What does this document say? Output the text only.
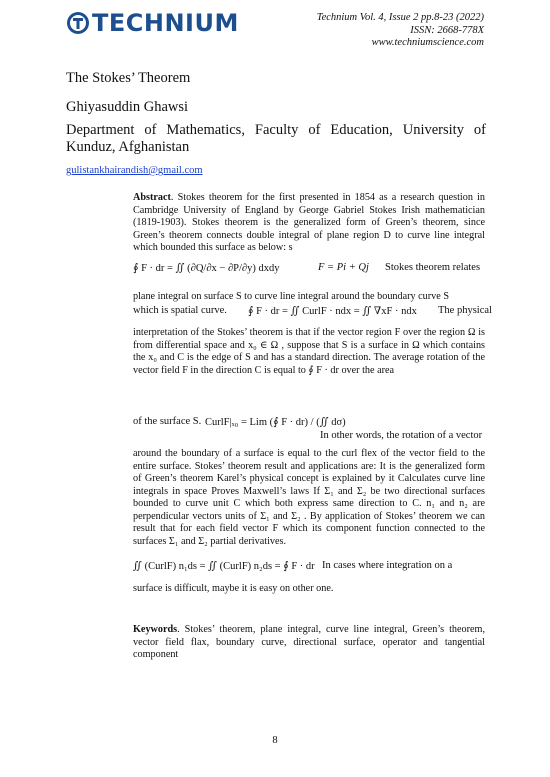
TECHNIUM	Technium Vol. 4, Issue 2 pp.8-23 (2022)
ISSN: 2668-778X
www.techniumscience.com
The Stokes’ Theorem
Ghiyasuddin Ghawsi
Department of Mathematics, Faculty of Education, University of Kunduz, Afghanistan
gulistankhairandish@gmail.com
Abstract. Stokes theorem for the first presented in 1854 as a research question in Cambridge University of England by George Gabriel Stokes Irish mathematician (1819-1903). Stokes theorem is the generalized form of Green’s theorem, since Green’s theorem connects double integral of plane region D to curve line integral which bounded this surface as below: s
∮ F · dr = ∬ (∂Q/∂x − ∂P/∂y) dxdy	F = Pi + Qj Stokes theorem relates
plane integral on surface S to curve line integral around the boundary curve S
which is spatial curve. ∮ F · dr = ∬ CurlF · ndx = ∬ ∇xF · ndx The physical
interpretation of the Stokes’ theorem is that if the vector region F over the region Ω is from differential space and x₀ ∈ Ω , suppose that S is a surface in Ω which contains the x₀ and C is the edge of S and has a standard direction. The average rotation of the vector field F in the direction C is equal to ∮ F · dr over the area
of the surface S. CurlF|ₓ₀ = Lim (∮ F · dr) / (∬ dσ)
In other words, the rotation of a vector
around the boundary of a surface is equal to the curl flex of the vector field to the entire surface. Stokes’ theorem result and applications are: It is the generalized form of Green’s theorem Karel’s physical concept is explained by it Calculates curve line integrals in space Proves Maxwell’s laws If Σ₁ and Σ₂ be two directional surfaces bounded to curve unit C which both express same direction to C. n₁ and n₂ are perpendicular vectors units of Σ₁ and Σ₂ . By application of Stokes’ theorem we can result that for each field vector F which its component function connected to the surfaces Σ₁ and Σ₂ partial derivatives.
∬ (CurlF) n₁ds = ∬ (CurlF) n₂ds = ∮ F · dr In cases where integration on a
surface is difficult, maybe it is easy on other one.
Keywords. Stokes’ theorem, plane integral, curve line integral, Green’s theorem, vector field flax, boundary curve, directional surface, operator and tangential component
8
